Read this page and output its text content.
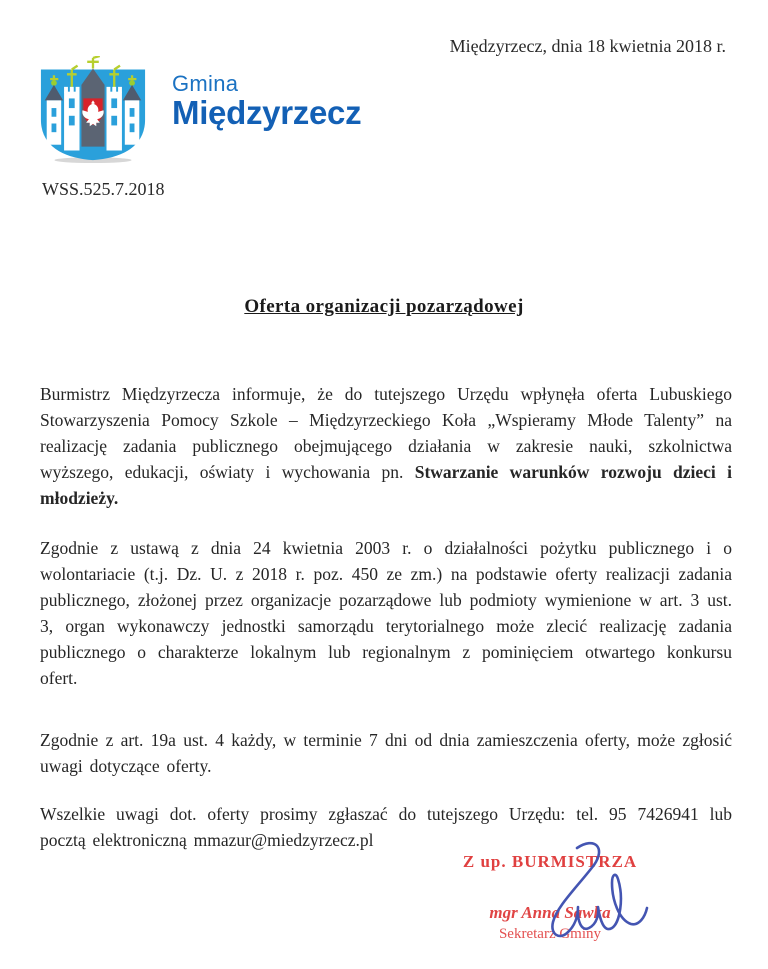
Międzyrzecz, dnia 18 kwietnia 2018 r.
Gmina
Międzyrzecz
WSS.525.7.2018
Oferta organizacji pozarządowej

Burmistrz Międzyrzecza informuje, że do tutejszego Urzędu wpłynęła oferta Lubuskiego Stowarzyszenia Pomocy Szkole – Międzyrzeckiego Koła „Wspieramy Młode Talenty” na realizację zadania publicznego obejmującego działania w zakresie nauki, szkolnictwa wyższego, edukacji, oświaty i wychowania pn. Stwarzanie warunków rozwoju dzieci i młodzieży.

Zgodnie z ustawą z dnia 24 kwietnia 2003 r. o działalności pożytku publicznego i o wolontariacie (t.j. Dz. U. z 2018 r. poz. 450 ze zm.) na podstawie oferty realizacji zadania publicznego, złożonej przez organizacje pozarządowe lub podmioty wymienione w art. 3 ust. 3, organ wykonawczy jednostki samorządu terytorialnego może zlecić realizację zadania publicznego o charakterze lokalnym lub regionalnym z pominięciem otwartego konkursu ofert.

Zgodnie z art. 19a ust. 4 każdy, w terminie 7 dni od dnia zamieszczenia oferty, może zgłosić uwagi dotyczące oferty.

Wszelkie uwagi dot. oferty prosimy zgłaszać do tutejszego Urzędu: tel. 95 7426941 lub pocztą elektroniczną mmazur@miedzyrzecz.pl

Z up. BURMISTRZA
mgr Anna Sawka
Sekretarz Gminy
